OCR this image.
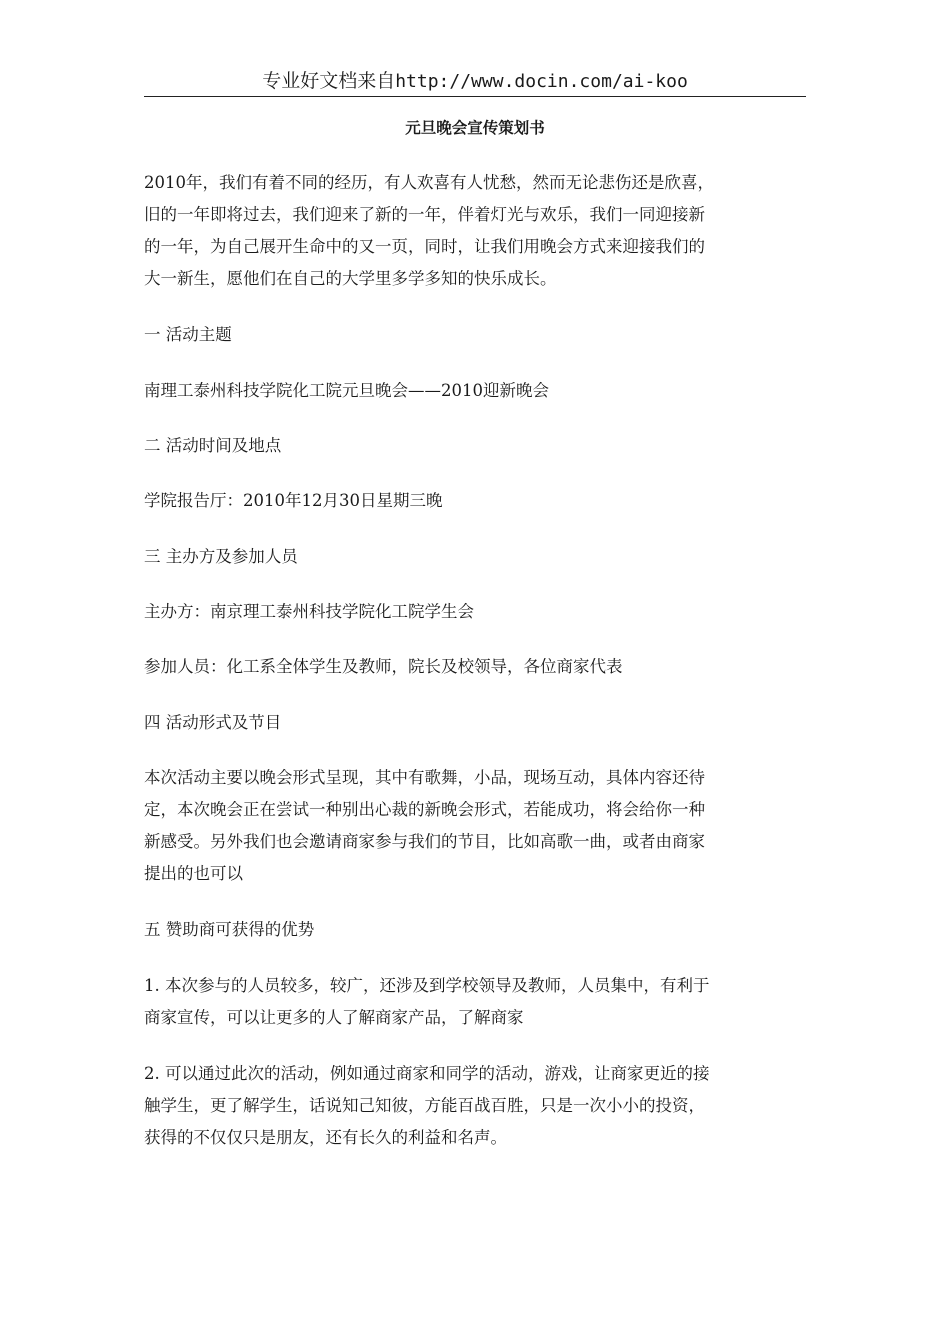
专业好文档来自http://www.docin.com/ai-koo
元旦晚会宣传策划书
2010年，我们有着不同的经历，有人欢喜有人忧愁，然而无论悲伤还是欣喜，
旧的一年即将过去，我们迎来了新的一年，伴着灯光与欢乐，我们一同迎接新
的一年，为自己展开生命中的又一页，同时，让我们用晚会方式来迎接我们的
大一新生，愿他们在自己的大学里多学多知的快乐成长。
一 活动主题
南理工泰州科技学院化工院元旦晚会——2010迎新晚会
二 活动时间及地点
学院报告厅：2010年12月30日星期三晚
三 主办方及参加人员
主办方：南京理工泰州科技学院化工院学生会
参加人员：化工系全体学生及教师，院长及校领导，各位商家代表
四 活动形式及节目
本次活动主要以晚会形式呈现，其中有歌舞，小品，现场互动，具体内容还待
定，本次晚会正在尝试一种别出心裁的新晚会形式，若能成功，将会给你一种
新感受。另外我们也会邀请商家参与我们的节目，比如高歌一曲，或者由商家
提出的也可以
五 赞助商可获得的优势
1. 本次参与的人员较多，较广，还涉及到学校领导及教师，人员集中，有利于
商家宣传，可以让更多的人了解商家产品，了解商家
2. 可以通过此次的活动，例如通过商家和同学的活动，游戏，让商家更近的接
触学生，更了解学生，话说知己知彼，方能百战百胜，只是一次小小的投资，
获得的不仅仅只是朋友，还有长久的利益和名声。
